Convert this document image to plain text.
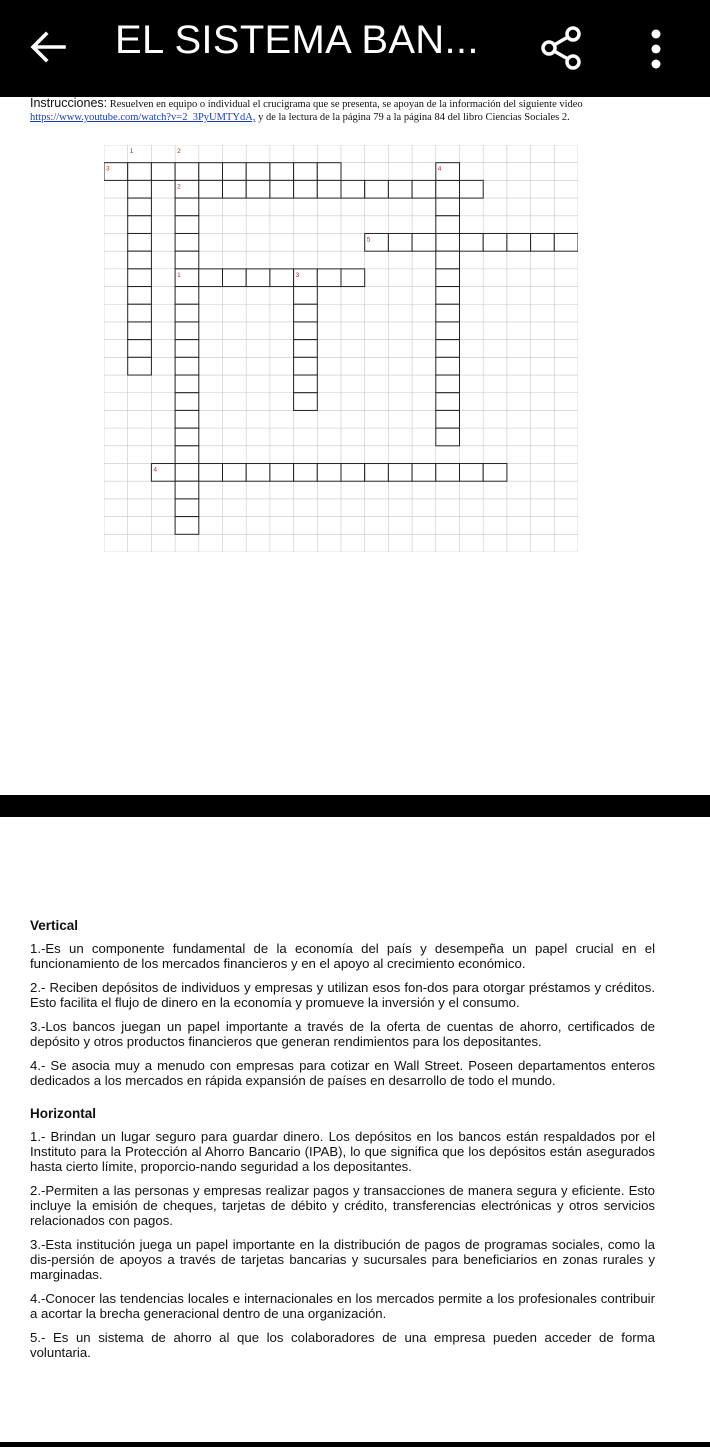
EL SISTEMA BAN...
Instrucciones: Resuelven en equipo o individual el crucigrama que se presenta, se apoyan de la información del siguiente video
https://www.youtube.com/watch?v=2_3PyUMTYdA, y de la lectura de la página 79 a la página 84 del libro Ciencias Sociales 2.
3	4
5
1	3
4
1	2
2
Vertical

1.-Es un componente fundamental de la economía del país y desempeña un papel crucial en el funcionamiento de los mercados financieros y en el apoyo al crecimiento económico.

2.- Reciben depósitos de individuos y empresas y utilizan esos fon-dos para otorgar préstamos y créditos. Esto facilita el flujo de dinero en la economía y promueve la inversión y el consumo.

3.-Los bancos juegan un papel importante a través de la oferta de cuentas de ahorro, certificados de depósito y otros productos financieros que generan rendimientos para los depositantes.

4.- Se asocia muy a menudo con empresas para cotizar en Wall Street. Poseen departamentos enteros dedicados a los mercados en rápida expansión de países en desarrollo de todo el mundo.

Horizontal

1.- Brindan un lugar seguro para guardar dinero. Los depósitos en los bancos están respaldados por el Instituto para la Protección al Ahorro Bancario (IPAB), lo que significa que los depósitos están asegurados hasta cierto límite, proporcio-nando seguridad a los depositantes.

2.-Permiten a las personas y empresas realizar pagos y transacciones de manera segura y eficiente. Esto incluye la emisión de cheques, tarjetas de débito y crédito, transferencias electrónicas y otros servicios relacionados con pagos.

3.-Esta institución juega un papel importante en la distribución de pagos de programas sociales, como la dis-persión de apoyos a través de tarjetas bancarias y sucursales para beneficiarios en zonas rurales y marginadas.

4.-Conocer las tendencias locales e internacionales en los mercados permite a los profesionales contribuir a acortar la brecha generacional dentro de una organización.

5.- Es un sistema de ahorro al que los colaboradores de una empresa pueden acceder de forma voluntaria.
